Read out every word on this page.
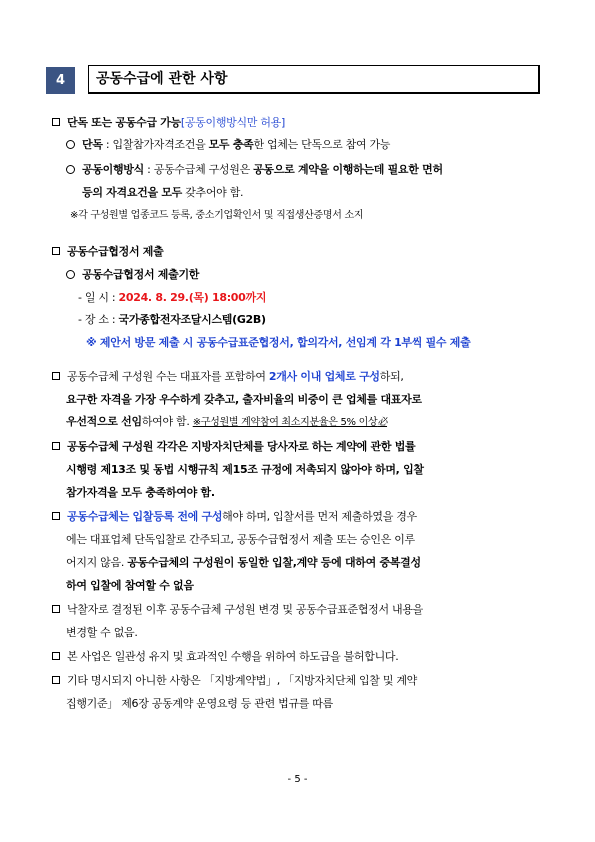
4	공동수급에 관한 사항
단독 또는 공동수급 가능[공동이행방식만 허용]
단독 : 입찰참가자격조건을 모두 충족한 업체는 단독으로 참여 가능
공동이행방식 : 공동수급체 구성원은 공동으로 계약을 이행하는데 필요한 면허
등의 자격요건을 모두 갖추어야 함.
※각 구성원별 업종코드 등록, 중소기업확인서 및 직접생산증명서 소지
공동수급협정서 제출
공동수급협정서 제출기한
- 일 시 : 2024. 8. 29.(목) 18:00까지
- 장 소 : 국가종합전자조달시스템(G2B)
※ 제안서 방문 제출 시 공동수급표준협정서, 합의각서, 선임계 각 1부씩 필수 제출
공동수급체 구성원 수는 대표자를 포함하여 2개사 이내 업체로 구성하되,
요구한 자격을 가장 우수하게 갖추고, 출자비율의 비중이 큰 업체를 대표자로
우선적으로 선임하여야 함. ※구성원별 계약참여 최소지분율은 5% 이상必
공동수급체 구성원 각각은 지방자치단체를 당사자로 하는 계약에 관한 법률
시행령 제13조 및 동법 시행규칙 제15조 규정에 저촉되지 않아야 하며, 입찰
참가자격을 모두 충족하여야 함.
공동수급체는 입찰등록 전에 구성해야 하며, 입찰서를 먼저 제출하였을 경우
에는 대표업체 단독입찰로 간주되고, 공동수급협정서 제출 또는 승인은 이루
어지지 않음. 공동수급체의 구성원이 동일한 입찰,계약 등에 대하여 중복결성
하여 입찰에 참여할 수 없음
낙찰자로 결정된 이후 공동수급체 구성원 변경 및 공동수급표준협정서 내용을
변경할 수 없음.
본 사업은 일관성 유지 및 효과적인 수행을 위하여 하도급을 불허합니다.
기타 명시되지 아니한 사항은 「지방계약법」, 「지방자치단체 입찰 및 계약
집행기준」 제6장 공동계약 운영요령 등 관련 법규를 따름
- 5 -
